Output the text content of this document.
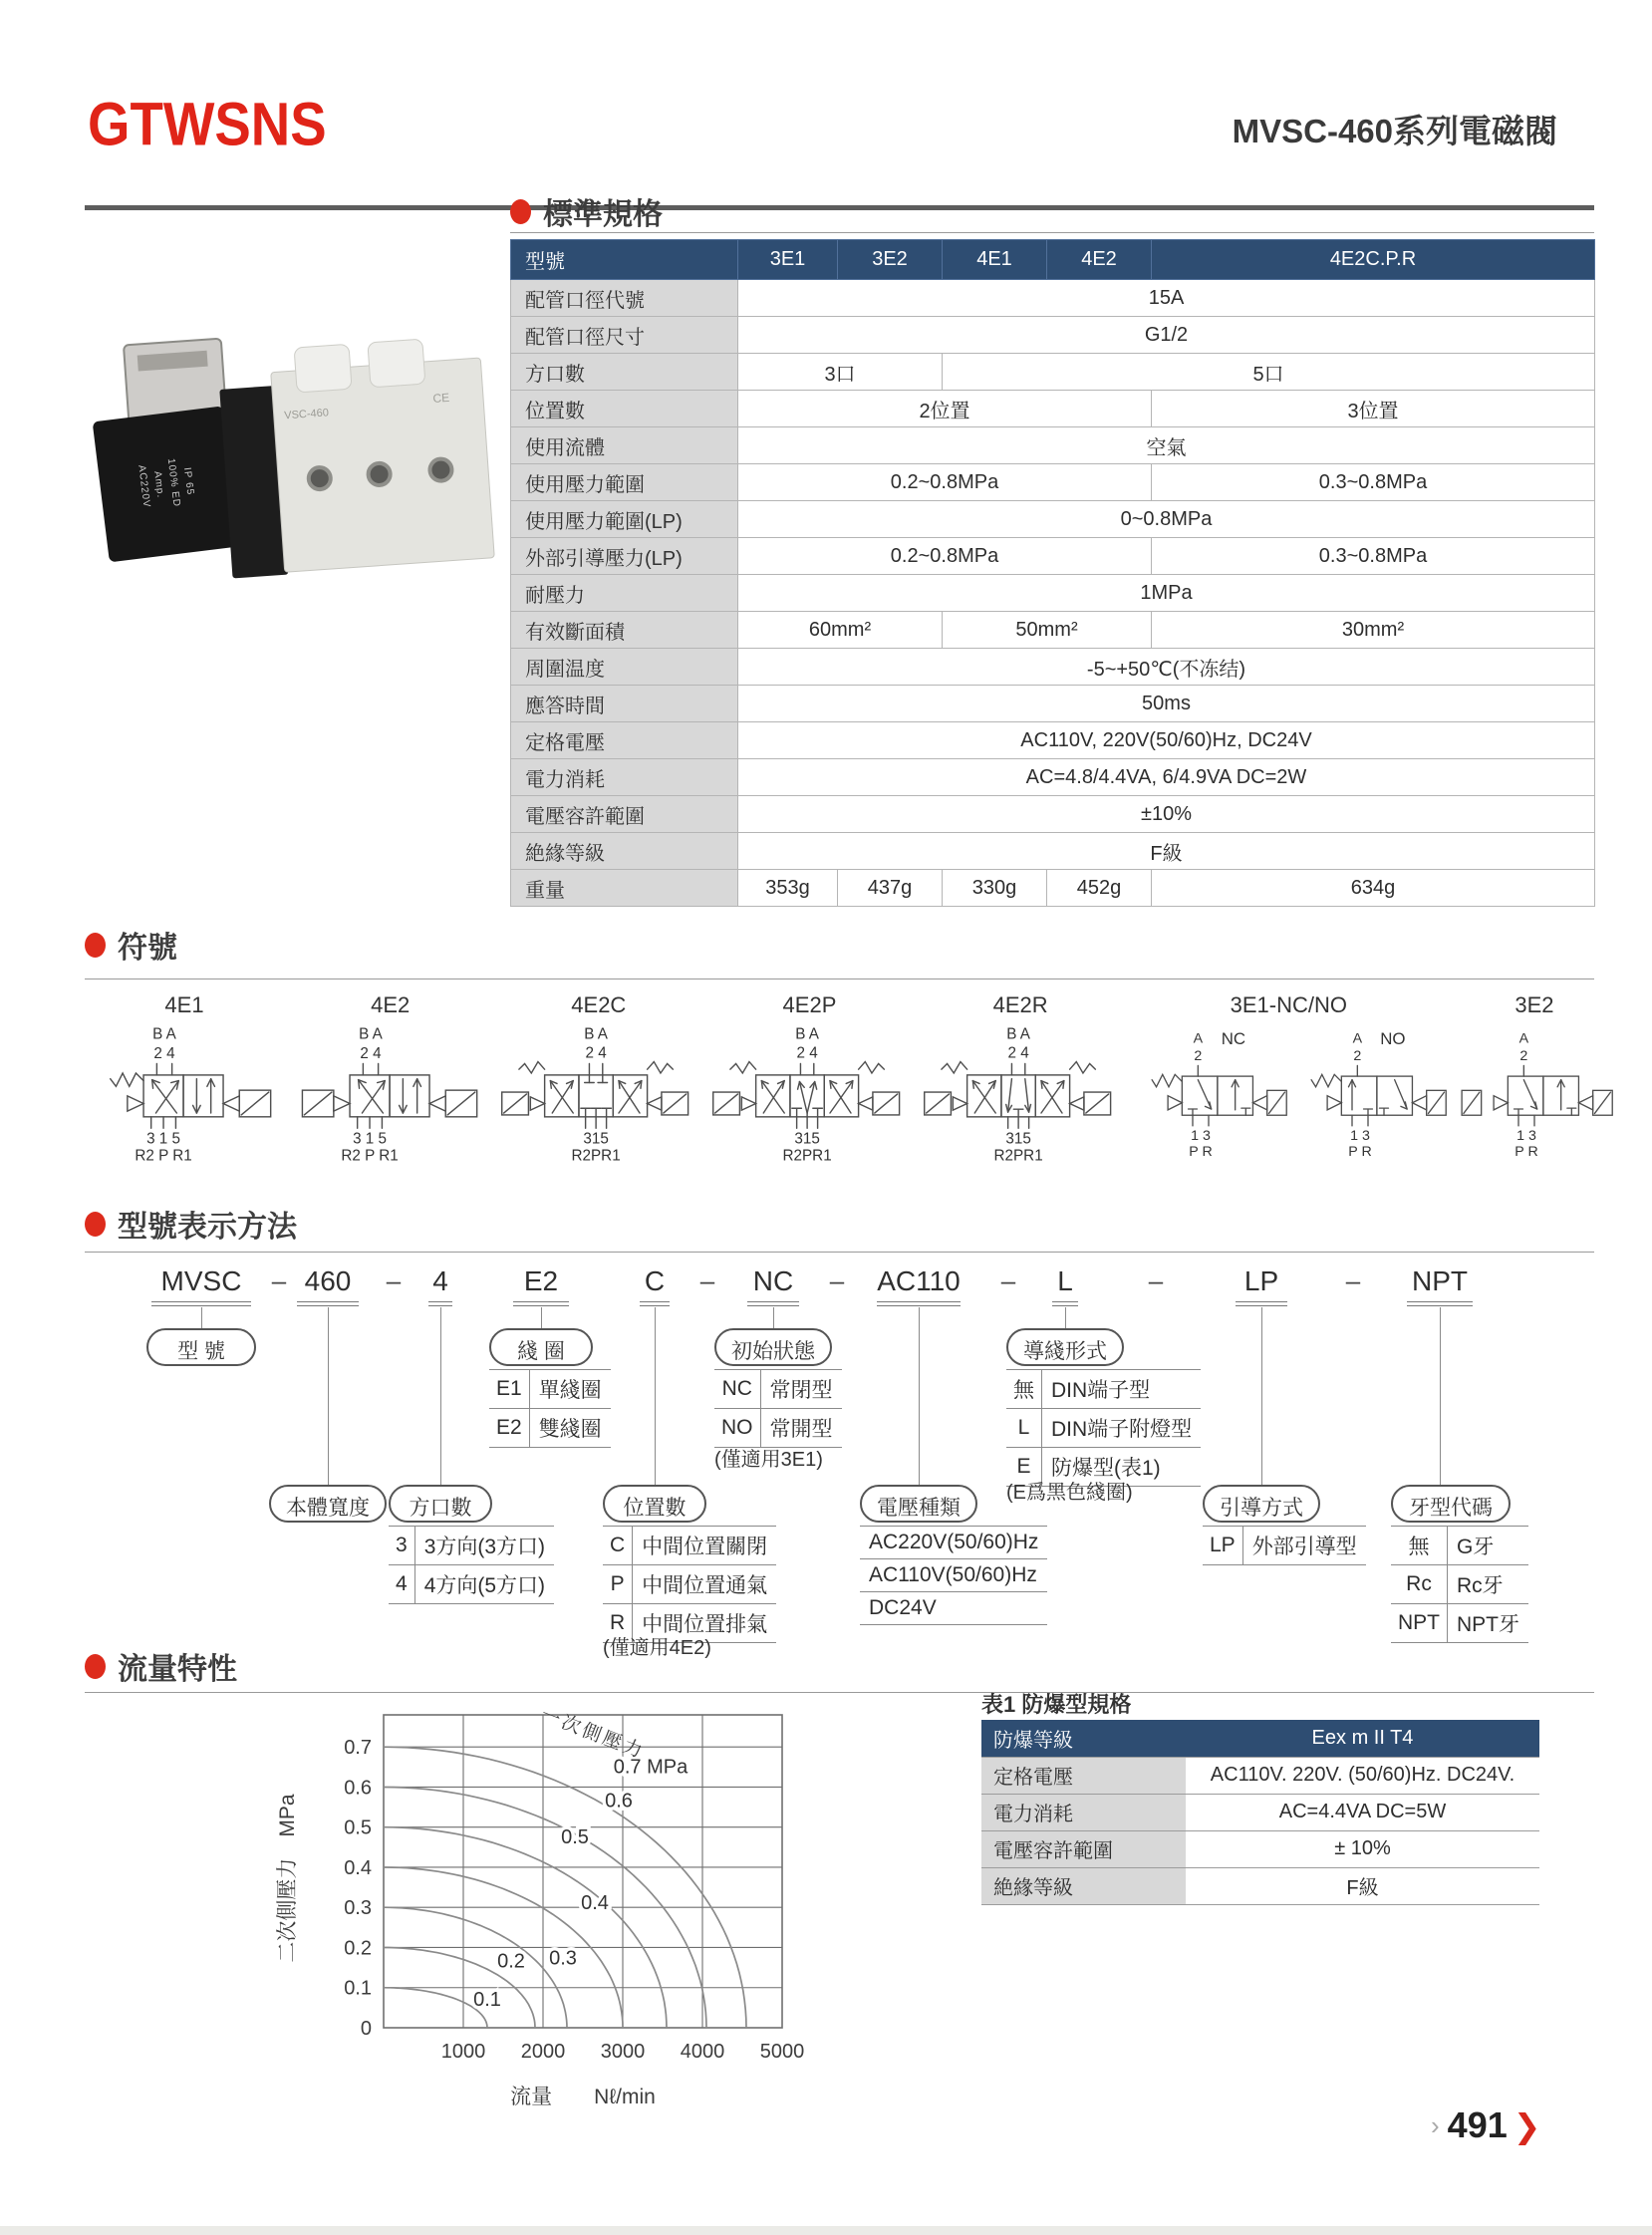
GTWSNS	MVSC-460系列電磁閥
標準規格
型號	3E1	3E2	4E1	4E2	4E2C.P.R
配管口徑代號	15A				
配管口徑尺寸	G1/2				
方口數	3口		5口		
位置數	2位置				3位置
使用流體	空氣				
使用壓力範圍	0.2~0.8MPa				0.3~0.8MPa
使用壓力範圍(LP)	0~0.8MPa				
外部引導壓力(LP)	0.2~0.8MPa				0.3~0.8MPa
耐壓力	1MPa				
有效斷面積	60mm²		50mm²		30mm²
周圍温度	-5~+50℃(不冻结)				
應答時間	50ms				
定格電壓	AC110V, 220V(50/60)Hz, DC24V				
電力消耗	AC=4.8/4.4VA, 6/4.9VA DC=2W				
電壓容許範圍	±10%				
絶緣等級	F級				
重量	353g	437g	330g	452g	634g
AC220V Amp. 100% ED IP 65
VSC-460
CE
符號
4E1
B A
2 4
3 1 5
R2 P R1
4E2
B A
2 4
3 1 5
R2 P R1
4E2C
B A
2 4
315
R2PR1
4E2P
B A
2 4
315
R2PR1
4E2R
B A
2 4
315
R2PR1
3E1-NC/NO
A
2
NC
1 3
P R
A
2
NO
1 3
P R
3E2
A
2
1 3
P R
型號表示方法
MVSC	– 460 – 4	E2	C – NC – AC110 – L	–	LP	– NPT
型 號	綫 圈
E1	單綫圈
E2	雙綫圈
初始狀態
NC	常閉型
NO	常開型
(僅適用3E1)
導綫形式
無	DIN端子型
L	DIN端子附燈型
E	防爆型(表1)
(E爲黑色綫圈)
本體寬度	方口數
3	3方向(3方口)
4	4方向(5方口)
位置數
C	中間位置關閉
P	中間位置通氣
R	中間位置排氣
(僅適用4E2)
電壓種類
AC220V(50/60)Hz
AC110V(50/60)Hz
DC24V
引導方式
LP	外部引導型
牙型代碼
無	G牙
Rc	Rc牙
NPT	NPT牙
流量特性
二次側壓力　MPa
流量　　Nℓ/min
1000 2000 3000 4000 5000
0
0.1
0.2
0.3
0.4
0.5
0.6
0.7
0.1
0.2 0.3
0.4
0.5
0.6
0.7 MPa
一次側壓力
表1 防爆型規格
防爆等級	Eex m II T4
定格電壓	AC110V. 220V. (50/60)Hz. DC24V.
電力消耗	AC=4.4VA DC=5W
電壓容許範圍	± 10%
絶緣等級	F級
› 491 ❯
